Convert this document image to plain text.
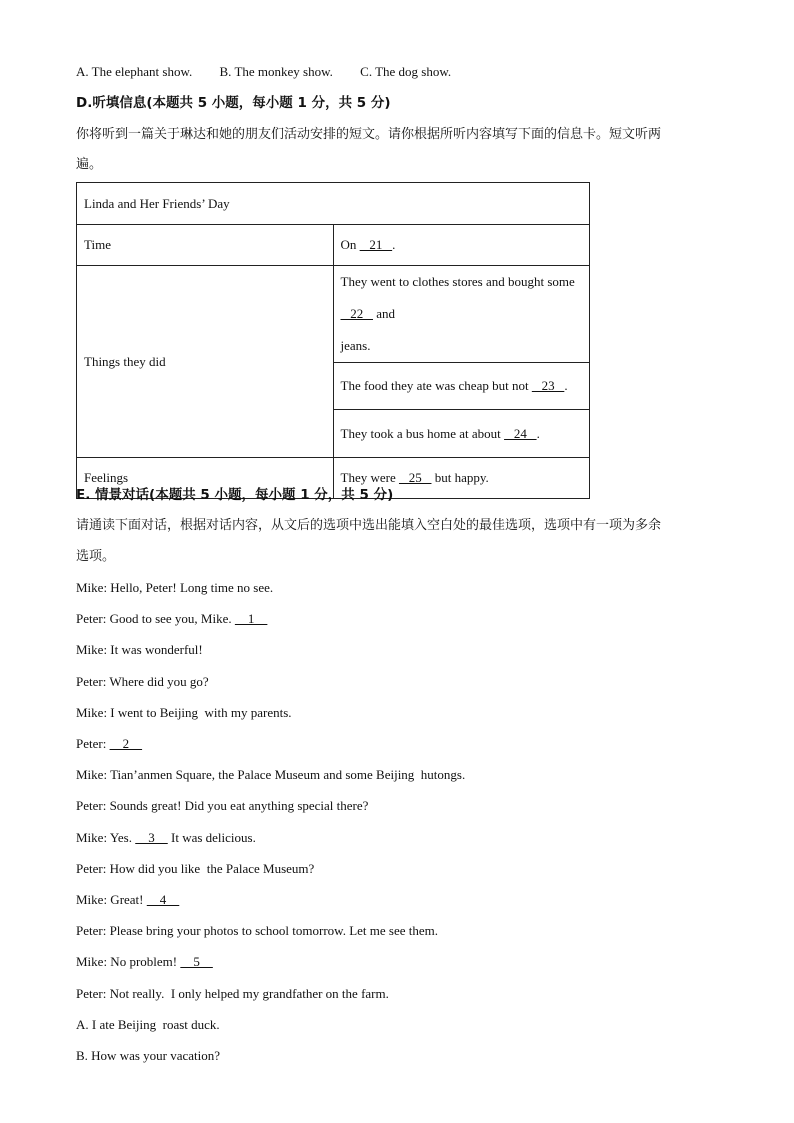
A. The elephant show. B. The monkey show. C. The dog show.
D.听填信息(本题共 5 小题，每小题 1 分，共 5 分)
你将听到一篇关于琳达和她的朋友们活动安排的短文。请你根据所听内容填写下面的信息卡。短文听两
遍。
Linda and Her Friends’ Day	
Time	On    21   .
Things they did	They went to clothes stores and bought some    22    and
jeans.
	The food they ate was cheap but not    23   .
	They took a bus home at about    24   .
Feelings	They were    25    but happy.
E. 情景对话(本题共 5 小题，每小题 1 分，共 5 分)
请通读下面对话，根据对话内容，从文后的选项中选出能填入空白处的最佳选项，选项中有一项为多余
选项。
Mike: Hello, Peter! Long time no see.
Peter: Good to see you, Mike.     1
Mike: It was wonderful!
Peter: Where did you go?
Mike: I went to Beijing  with my parents.
Peter:     2
Mike: Tian’anmen Square, the Palace Museum and some Beijing  hutongs.
Peter: Sounds great! Did you eat anything special there?
Mike: Yes.     3     It was delicious.
Peter: How did you like  the Palace Museum?
Mike: Great!     4
Peter: Please bring your photos to school tomorrow. Let me see them.
Mike: No problem!     5
Peter: Not really.  I only helped my grandfather on the farm.
A. I ate Beijing  roast duck.
B. How was your vacation?
